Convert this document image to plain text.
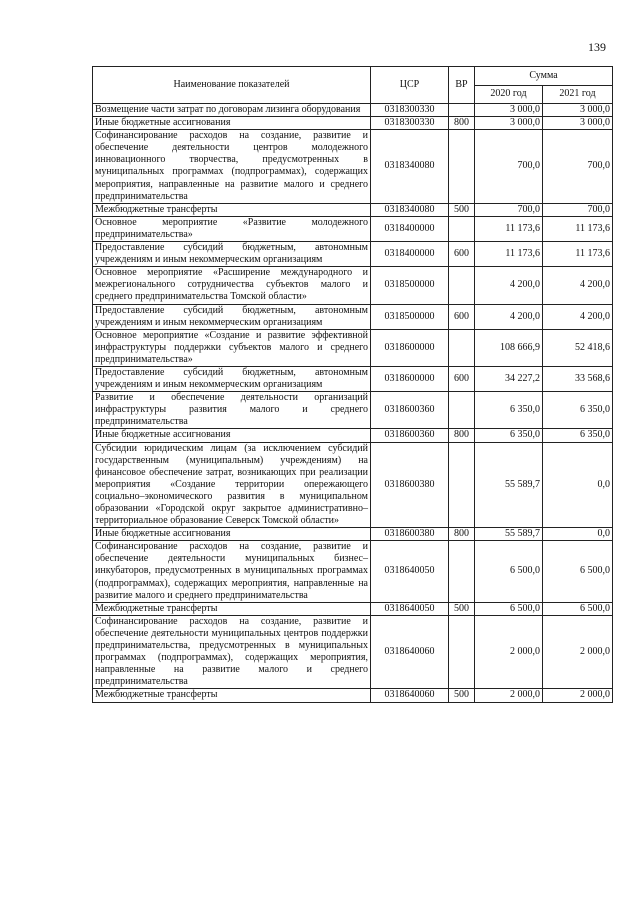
139
Наименование показателей	ЦСР	ВР	Сумма	
			2020 год	2021 год
Возмещение части затрат по договорам лизинга оборудования	0318300330		3 000,0	3 000,0
Иные бюджетные ассигнования	0318300330	800	3 000,0	3 000,0
Софинансирование расходов на создание, развитие и обеспечение деятельности центров молодежного инновационного творчества, предусмотренных в муниципальных программах (подпрограммах), содержащих мероприятия, направленные на развитие малого и среднего предпринимательства	0318340080		700,0	700,0
Межбюджетные трансферты	0318340080	500	700,0	700,0
Основное мероприятие «Развитие молодежного предпринимательства»	0318400000		11 173,6	11 173,6
Предоставление субсидий бюджетным, автономным учреждениям и иным некоммерческим организациям	0318400000	600	11 173,6	11 173,6
Основное мероприятие «Расширение международного и межрегионального сотрудничества субъектов малого и среднего предпринимательства Томской области»	0318500000		4 200,0	4 200,0
Предоставление субсидий бюджетным, автономным учреждениям и иным некоммерческим организациям	0318500000	600	4 200,0	4 200,0
Основное мероприятие «Создание и развитие эффективной инфраструктуры поддержки субъектов малого и среднего предпринимательства»	0318600000		108 666,9	52 418,6
Предоставление субсидий бюджетным, автономным учреждениям и иным некоммерческим организациям	0318600000	600	34 227,2	33 568,6
Развитие и обеспечение деятельности организаций инфраструктуры развития малого и среднего предпринимательства	0318600360		6 350,0	6 350,0
Иные бюджетные ассигнования	0318600360	800	6 350,0	6 350,0
Субсидии юридическим лицам (за исключением субсидий государственным (муниципальным) учреждениям) на финансовое обеспечение затрат, возникающих при реализации мероприятия «Создание территории опережающего социально–экономического развития в муниципальном образовании «Городской округ закрытое административно–территориальное образование Северск Томской области»	0318600380		55 589,7	0,0
Иные бюджетные ассигнования	0318600380	800	55 589,7	0,0
Софинансирование расходов на создание, развитие и обеспечение деятельности муниципальных бизнес–инкубаторов, предусмотренных в муниципальных программах (подпрограммах), содержащих мероприятия, направленные на развитие малого и среднего предпринимательства	0318640050		6 500,0	6 500,0
Межбюджетные трансферты	0318640050	500	6 500,0	6 500,0
Софинансирование расходов на создание, развитие и обеспечение деятельности муниципальных центров поддержки предпринимательства, предусмотренных в муниципальных программах (подпрограммах), содержащих мероприятия, направленные на развитие малого и среднего предпринимательства	0318640060		2 000,0	2 000,0
Межбюджетные трансферты	0318640060	500	2 000,0	2 000,0
